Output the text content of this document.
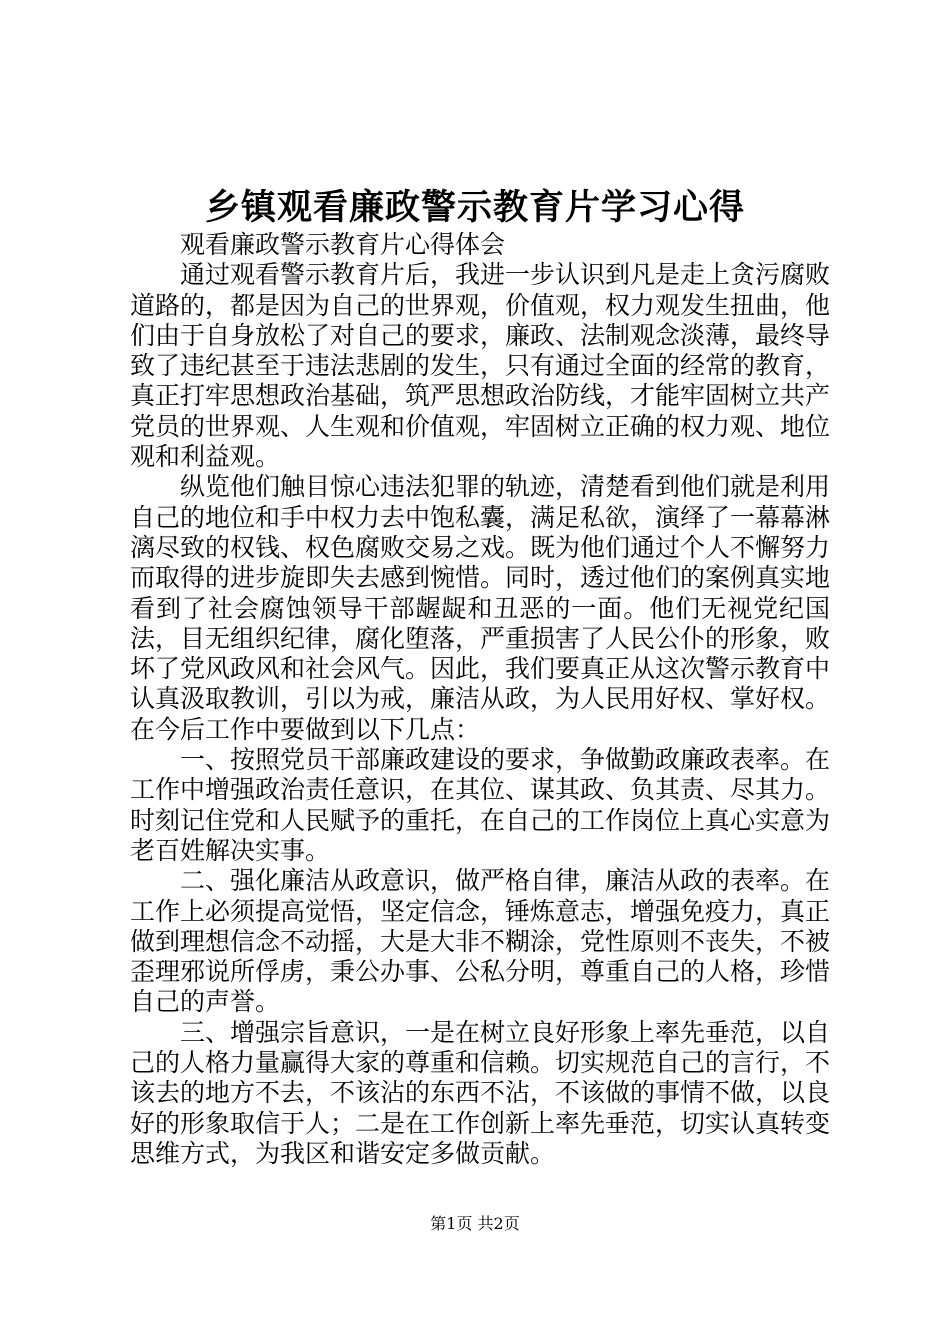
乡镇观看廉政警示教育片学习心得

观看廉政警示教育片心得体会

通过观看警示教育片后，我进一步认识到凡是走上贪污腐败道路的，都是因为自己的世界观，价值观，权力观发生扭曲，他们由于自身放松了对自己的要求，廉政、法制观念淡薄，最终导致了违纪甚至于违法悲剧的发生，只有通过全面的经常的教育，真正打牢思想政治基础，筑严思想政治防线，才能牢固树立共产党员的世界观、人生观和价值观，牢固树立正确的权力观、地位观和利益观。

纵览他们触目惊心违法犯罪的轨迹，清楚看到他们就是利用自己的地位和手中权力去中饱私囊，满足私欲，演绎了一幕幕淋漓尽致的权钱、权色腐败交易之戏。既为他们通过个人不懈努力而取得的进步旋即失去感到惋惜。同时，透过他们的案例真实地看到了社会腐蚀领导干部龌龊和丑恶的一面。他们无视党纪国法，目无组织纪律，腐化堕落，严重损害了人民公仆的形象，败坏了党风政风和社会风气。因此，我们要真正从这次警示教育中认真汲取教训，引以为戒，廉洁从政，为人民用好权、掌好权。在今后工作中要做到以下几点：

一、按照党员干部廉政建设的要求，争做勤政廉政表率。在工作中增强政治责任意识，在其位、谋其政、负其责、尽其力。时刻记住党和人民赋予的重托，在自己的工作岗位上真心实意为老百姓解决实事。

二、强化廉洁从政意识，做严格自律，廉洁从政的表率。在工作上必须提高觉悟，坚定信念，锤炼意志，增强免疫力，真正做到理想信念不动摇，大是大非不糊涂，党性原则不丧失，不被歪理邪说所俘虏，秉公办事、公私分明，尊重自己的人格，珍惜自己的声誉。

三、增强宗旨意识，一是在树立良好形象上率先垂范，以自己的人格力量赢得大家的尊重和信赖。切实规范自己的言行，不该去的地方不去，不该沾的东西不沾，不该做的事情不做，以良好的形象取信于人；二是在工作创新上率先垂范，切实认真转变思维方式，为我区和谐安定多做贡献。

第1页 共2页
